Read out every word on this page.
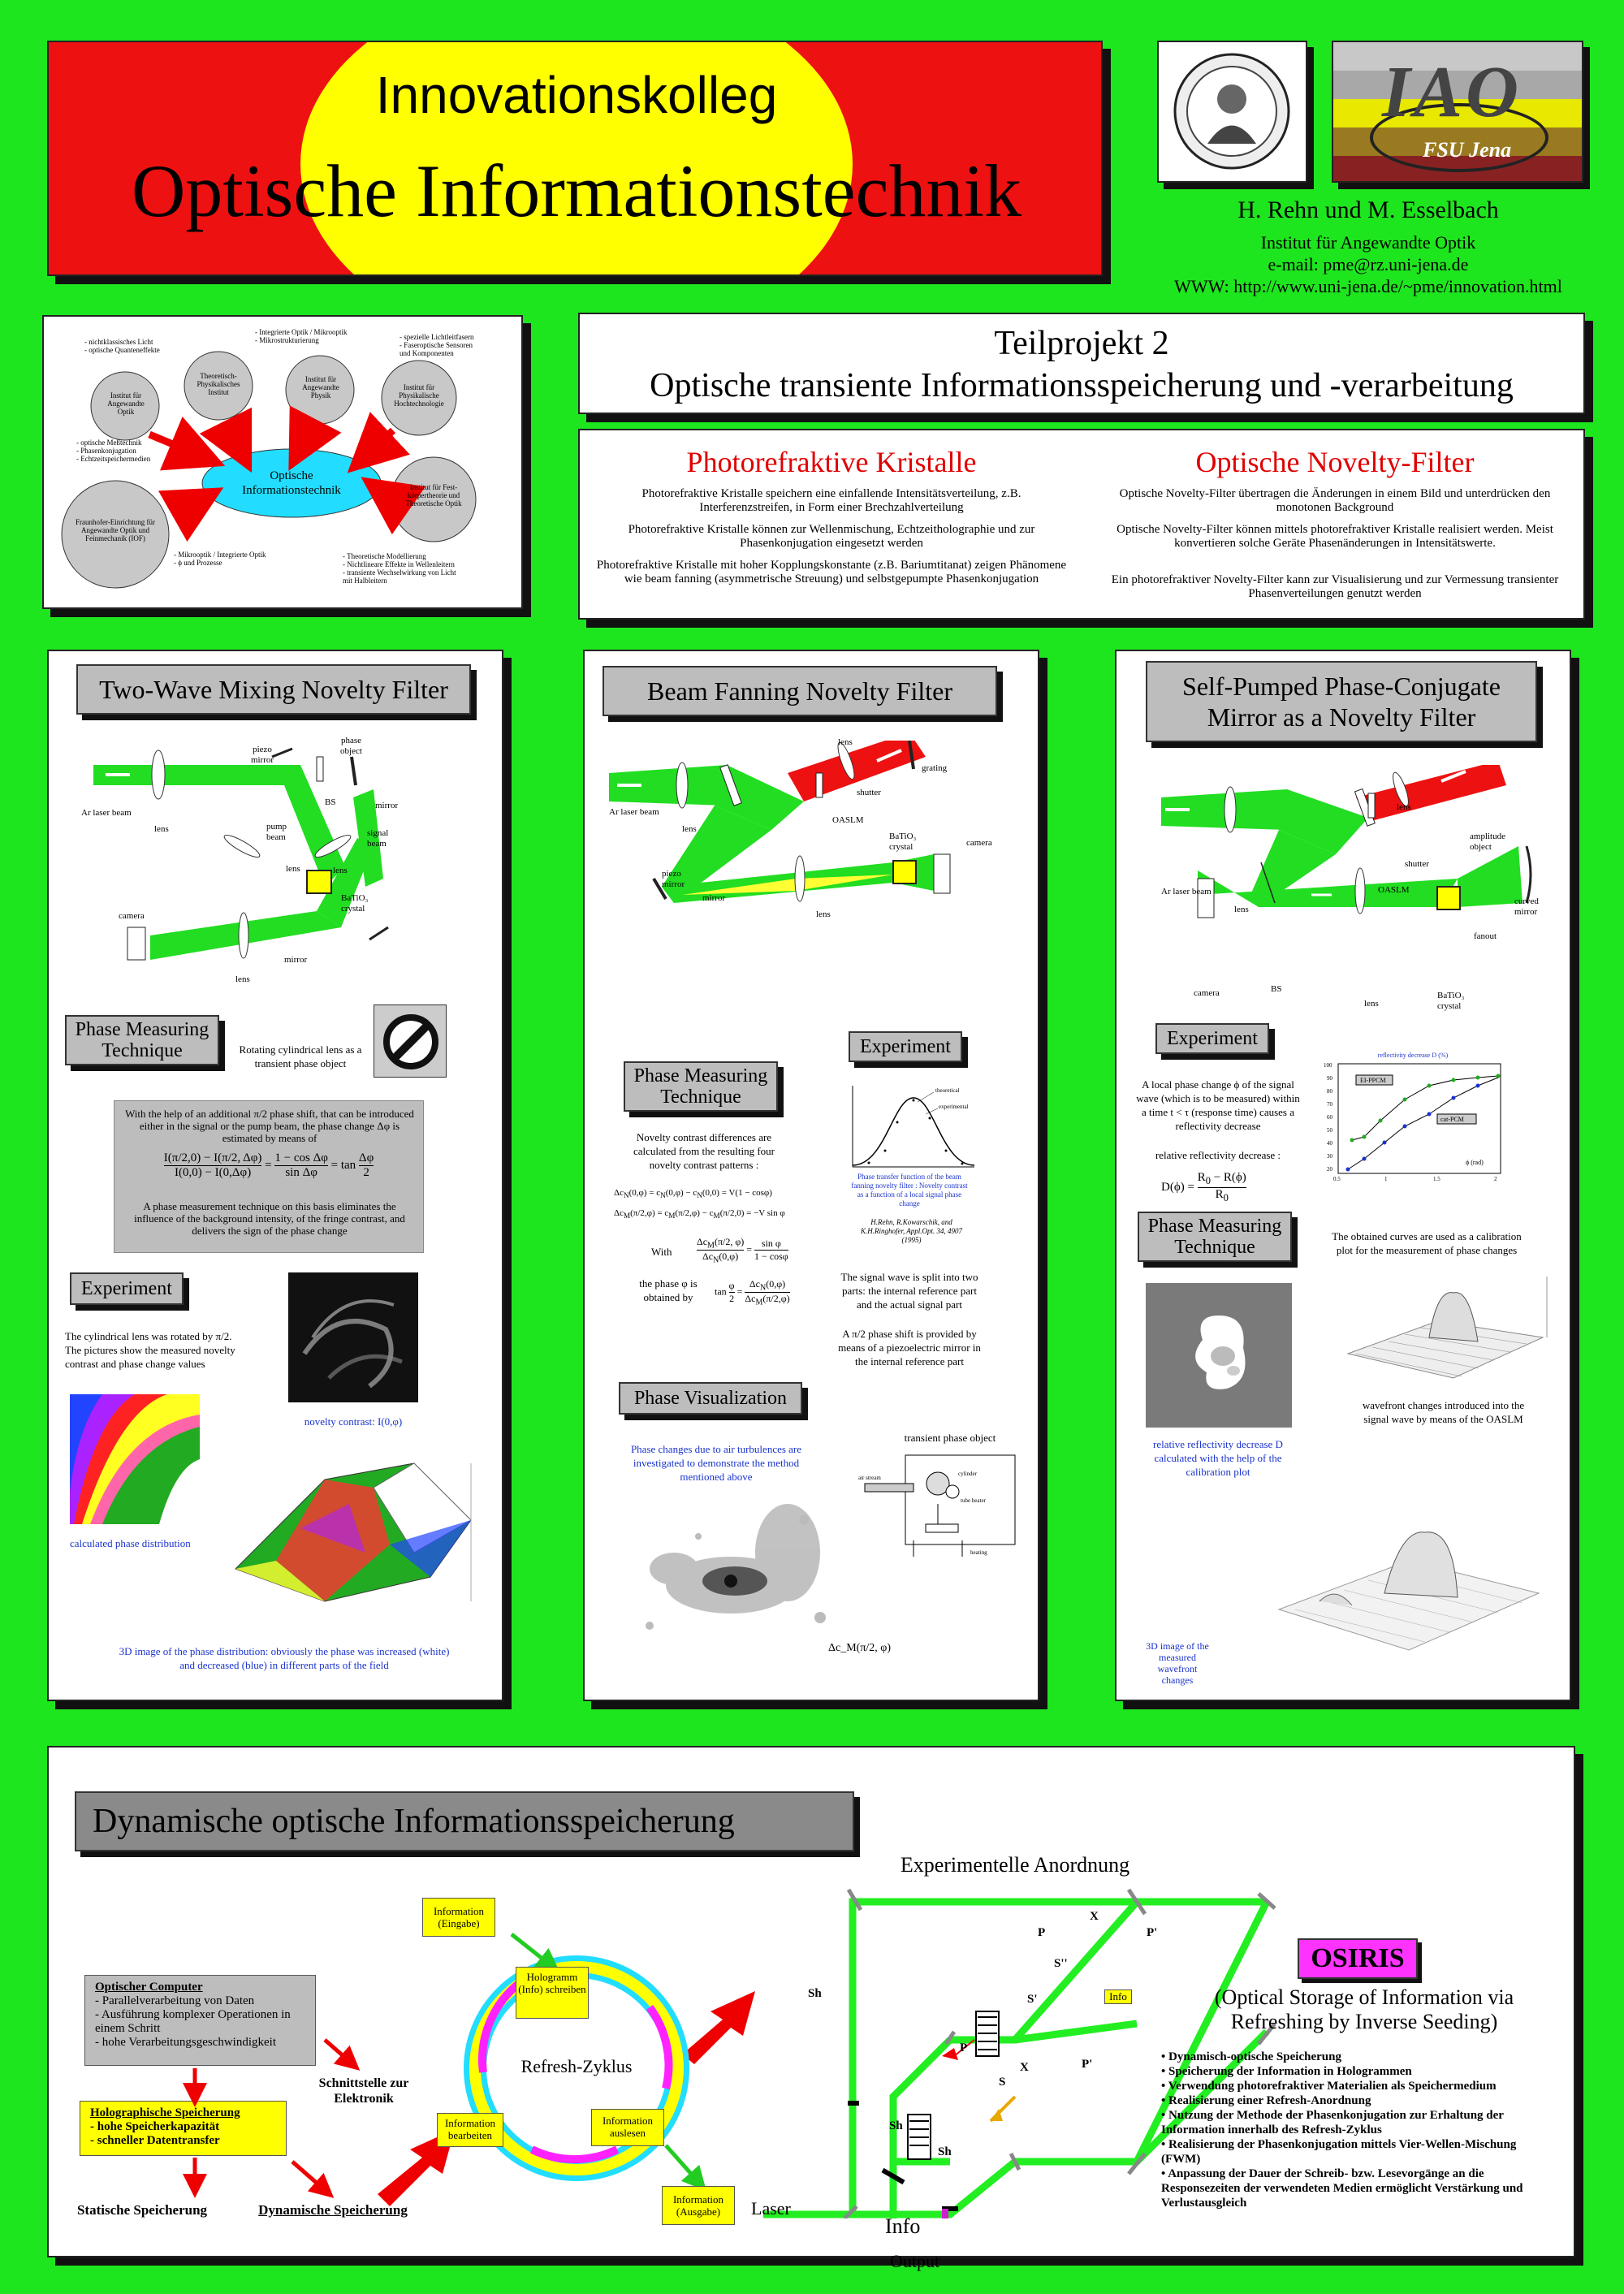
Innovationskolleg
Optische Informationstechnik
IAO
FSU Jena
H. Rehn und M. Esselbach
Institut für Angewandte Optik
e-mail: pme@rz.uni-jena.de
WWW: http://www.uni-jena.de/~pme/innovation.html
Optische
Informationstechnik
Institut für Angewandte Optik
Theoretisch-Physikalisches Institut
Institut für Angewandte Physik
Institut für Physikalische Hochtechnologie
Institut für Fest-körpertheorie und Theoretische Optik
Fraunhofer-Einrichtung für Angewandte Optik und Feinmechanik (IOF)
- nichtklassisches Licht
- optische Quanteneffekte
- Integrierte Optik / Mikrooptik
- Mikrostrukturierung	- spezielle Lichtleitfasern
- Faseroptische Sensoren
und Komponenten
- optische Meßtechnik
- Phasenkonjugation
- Echtzeitspeichermedien
- Mikrooptik / Integrierte Optik
- ϕ und Prozesse
- Theoretische Modellierung
- Nichtlineare Effekte in Wellenleitern
- transiente Wechselwirkung von Licht
mit Halbleitern
Teilprojekt 2
Optische transiente Informationsspeicherung und -verarbeitung
Photorefraktive Kristalle
Photorefraktive Kristalle speichern eine einfallende Intensitätsverteilung, z.B. Interferenzstreifen, in Form einer Brechzahlverteilung
Photorefraktive Kristalle können zur Wellenmischung, Echtzeitholographie und zur Phasenkonjugation eingesetzt werden
Photorefraktive Kristalle mit hoher Kopplungskonstante (z.B. Bariumtitanat) zeigen Phänomene wie beam fanning (asymmetrische Streuung) und selbstgepumpte Phasenkonjugation
Optische Novelty-Filter
Optische Novelty-Filter übertragen die Änderungen in einem Bild und unterdrücken den monotonen Background
Optische Novelty-Filter können mittels photorefraktiver Kristalle realisiert werden. Meist konvertieren solche Geräte Phasenänderungen in Intensitätswerte.
Ein photorefraktiver Novelty-Filter kann zur Visualisierung und zur Vermessung transienter Phasenverteilungen genutzt werden
Two-Wave Mixing Novelty Filter
Ar laser beam
lens
piezo mirror
phase object
BS	mirror
pump beam	signal beam
lens	lens
BaTiO₃ crystal
camera
mirror
lens
Phase Measuring Technique	Rotating cylindrical lens as a transient phase object
With the help of an additional π/2 phase shift, that can be introduced either in the signal or the pump beam, the phase change Δφ is estimated by means of
$\frac{I(\pi/2,0) - I(\pi/2, \Delta\varphi)}{I(0,0) - I(0,\Delta\varphi)} = \frac{\text{1 − cos Δφ}}{\text{sin Δφ}} = \tan \frac{\Delta\varphi}{2}$
A phase measurement technique on this basis eliminates the influence of the background intensity, of the fringe contrast, and delivers the sign of the phase change
Experiment
The cylindrical lens was rotated by π/2. The pictures show the measured novelty contrast and phase change values
novelty contrast: I(0,φ)
calculated phase distribution
3D image of the phase distribution: obviously the phase was increased (white) and decreased (blue) in different parts of the field
Beam Fanning Novelty Filter
Ar laser beam
lens
lens
shutter
grating
OASLM
BaTiO₃ crystal	camera
piezo mirror
mirror
lens
Phase Measuring Technique
Experiment
theoretical
experimental
Phase transfer function of the beam fanning novelty filter : Novelty contrast as a function of a local signal phase change
H.Rehn, R.Kowarschik, and K.H.Ringhofer, Appl.Opt. 34, 4907 (1995)
Novelty contrast differences are calculated from the resulting four novelty contrast patterns :
$\Delta c_N(0,\varphi) = c_N(0,\varphi) - c_N(0,0) = V(1 - \cos\varphi)$
$\Delta c_M(\pi/2,\varphi) = c_M(\pi/2,\varphi) - c_M(\pi/2,0) = -V$ sin φ
With
$\Delta c_M(\pi/2$, φ)
$\Delta c_N(0,\varphi)$
= $\frac{\text{sin φ}}{1 - \cos\varphi}$
the phase φ is obtained by	$\tan \frac{\varphi}{2}$ =
$\Delta c_N(0,\varphi)$
$\Delta c_M(\pi/2,\varphi)$
The signal wave is split into two parts: the internal reference part and the actual signal part
A π/2 phase shift is provided by means of a piezoelectric mirror in the internal reference part
Phase Visualization
Phase changes due to air turbulences are investigated to demonstrate the method mentioned above
transient phase object
air stream
cylinder
tube heater
heating
Δc_M(π/2, φ)
Self-Pumped Phase-Conjugate Mirror as a Novelty Filter
Ar laser beam
lens
lens
shutter
amplitude object
OASLM
curved mirror
fanout
camera	BS
lens
BaTiO₃ crystal
Experiment
A local phase change ϕ of the signal wave (which is to be measured) within a time t < τ (response time) causes a reflectivity decrease
relative reflectivity decrease :
$D(\phi) = \frac{R_0 - R(\phi)}{R_0}$
reflectivity decrease D (%)
100
90
80
70
60
50
40
30
20
0.5	1	1.5	2
EI-PPCM
cat-PCM
ϕ (rad)
The obtained curves are used as a calibration plot for the measurement of phase changes
Phase Measuring Technique
relative reflectivity decrease D calculated with the help of the calibration plot
wavefront changes introduced into the signal wave by means of the OASLM
3D image of the measured wavefront changes
Dynamische optische Informationsspeicherung
Optischer Computer
- Parallelverarbeitung von Daten
- Ausführung komplexer Operationen in einem Schritt
- hohe Verarbeitungsgeschwindigkeit
Schnittstelle zur Elektronik
Holographische Speicherung
- hohe Speicherkapazität
- schneller Datentransfer
Statische Speicherung	Dynamische Speicherung
Information (Eingabe)
Hologramm (Info) schreiben
Refresh-Zyklus
Information bearbeiten
Information auslesen
Information (Ausgabe)
Experimentelle Anordnung
Laser
Info
Output
Sh
Sh
Sh
P	P'
X
S''
S'
P
P'
X
S
Info
OSIRIS
(Optical Storage of Information via Refreshing by Inverse Seeding)
• Dynamisch-optische Speicherung
• Speicherung der Information in Hologrammen
• Verwendung photorefraktiver Materialien als Speichermedium
• Realisierung einer Refresh-Anordnung
• Nutzung der Methode der Phasenkonjugation zur Erhaltung der Information innerhalb des Refresh-Zyklus
• Realisierung der Phasenkonjugation mittels Vier-Wellen-Mischung (FWM)
• Anpassung der Dauer der Schreib- bzw. Lesevorgänge an die Responsezeiten der verwendeten Medien ermöglicht Verstärkung und Verlustausgleich
